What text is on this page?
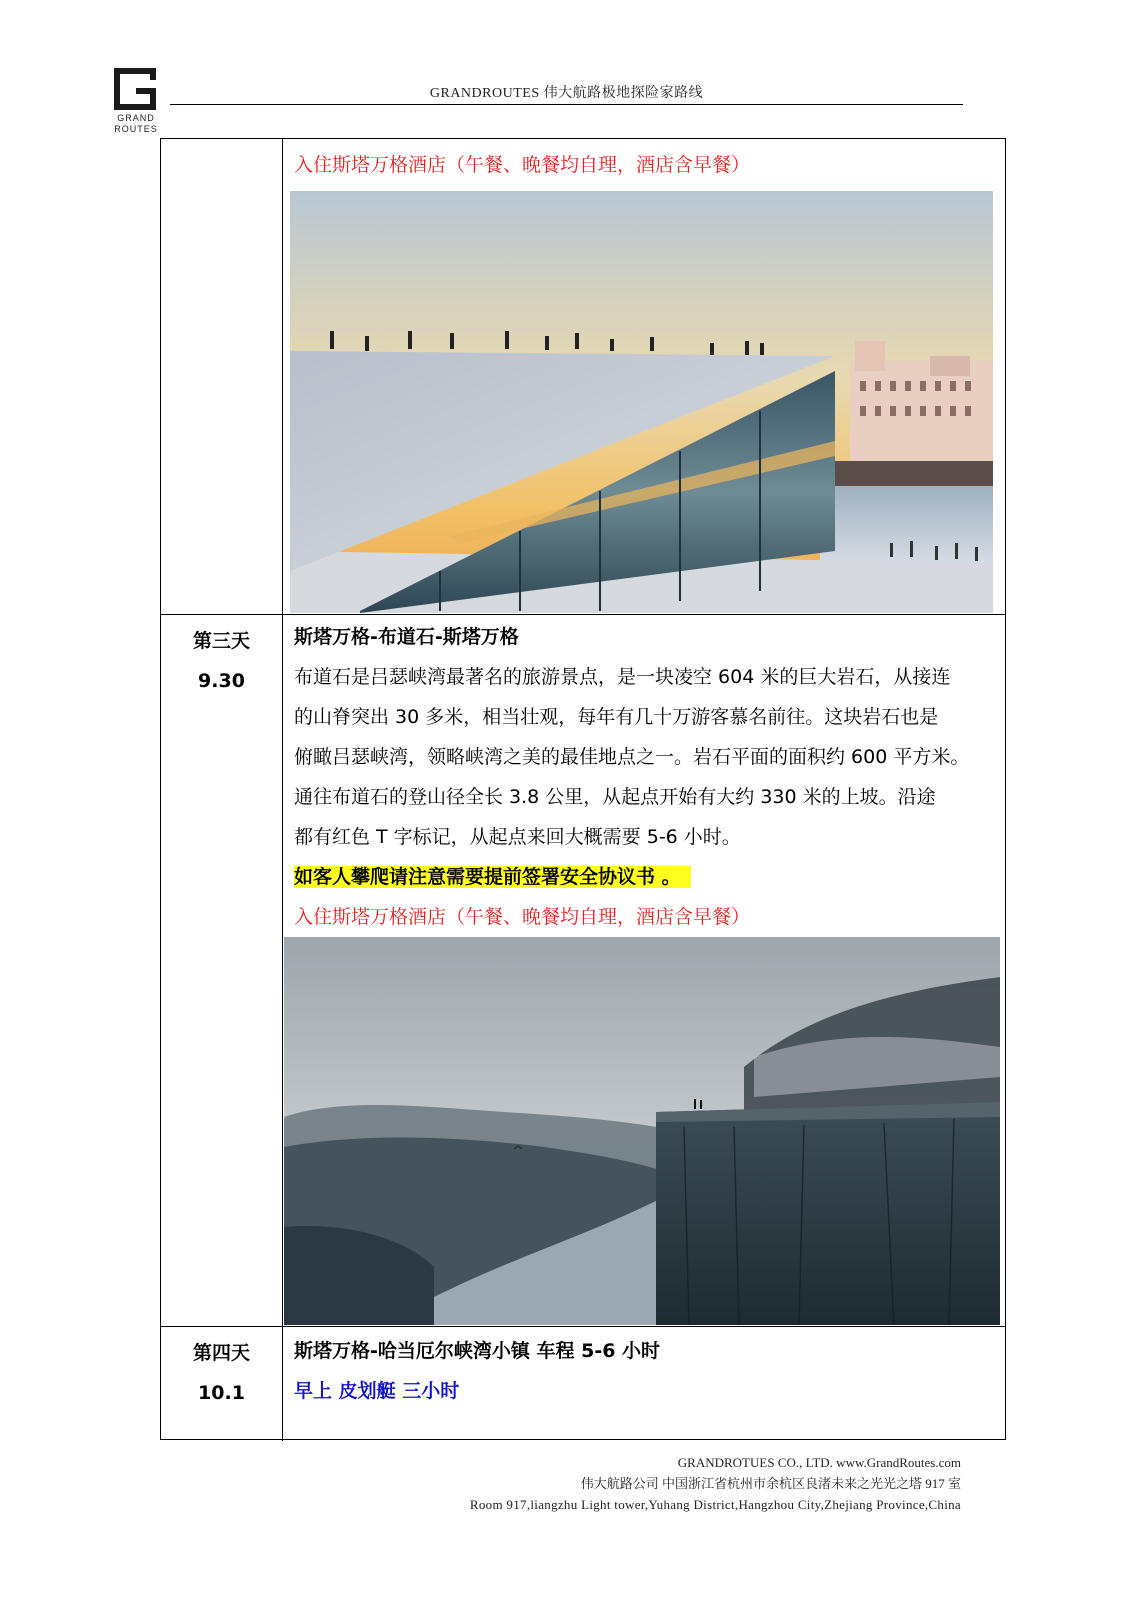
GRAND
ROUTES
GRANDROUTES 伟大航路极地探险家路线
入住斯塔万格酒店（午餐、晚餐均自理，酒店含早餐）
第三天
9.30
斯塔万格-布道石-斯塔万格
布道石是吕瑟峡湾最著名的旅游景点，是一块凌空 604 米的巨大岩石，从接连
的山脊突出 30 多米，相当壮观，每年有几十万游客慕名前往。这块岩石也是
俯瞰吕瑟峡湾，领略峡湾之美的最佳地点之一。岩石平面的面积约 600 平方米。
通往布道石的登山径全长 3.8 公里，从起点开始有大约 330 米的上坡。沿途
都有红色 T 字标记，从起点来回大概需要 5-6 小时。
如客人攀爬请注意需要提前签署安全协议书 。
入住斯塔万格酒店（午餐、晚餐均自理，酒店含早餐）
第四天
10.1
斯塔万格-哈当厄尔峡湾小镇 车程 5-6 小时
早上 皮划艇 三小时
GRANDROTUES CO., LTD. www.GrandRoutes.com
伟大航路公司 中国浙江省杭州市余杭区良渚未来之光光之塔 917 室
Room 917,liangzhu Light tower,Yuhang District,Hangzhou City,Zhejiang Province,China
